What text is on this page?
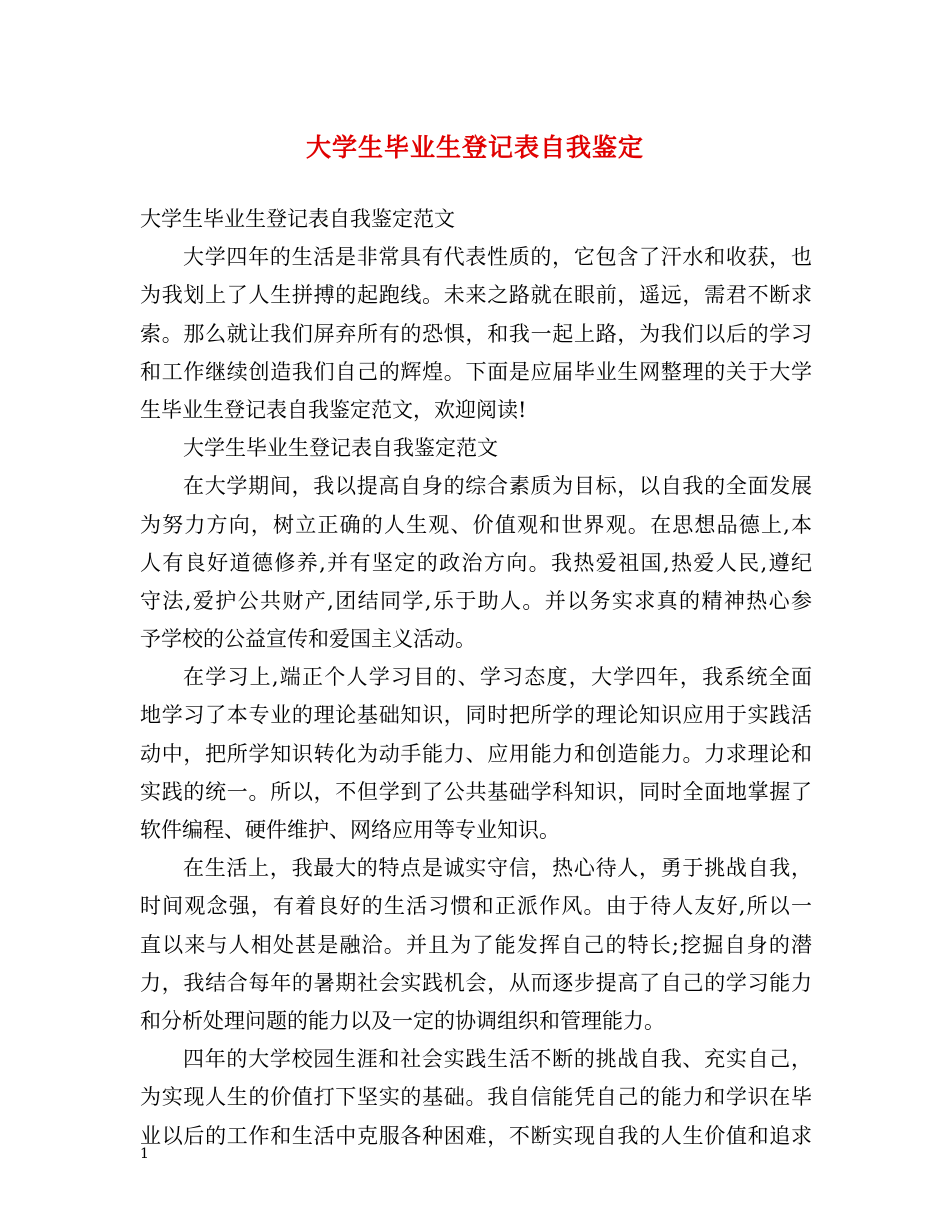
大学生毕业生登记表自我鉴定
大学生毕业生登记表自我鉴定范文
大学四年的生活是非常具有代表性质的，它包含了汗水和收获，也
为我划上了人生拼搏的起跑线。未来之路就在眼前，遥远，需君不断求
索。那么就让我们屏弃所有的恐惧，和我一起上路，为我们以后的学习
和工作继续创造我们自己的辉煌。下面是应届毕业生网整理的关于大学
生毕业生登记表自我鉴定范文，欢迎阅读!
大学生毕业生登记表自我鉴定范文
在大学期间，我以提高自身的综合素质为目标，以自我的全面发展
为努力方向，树立正确的人生观、价值观和世界观。在思想品德上,本
人有良好道德修养,并有坚定的政治方向。我热爱祖国,热爱人民,遵纪
守法,爱护公共财产,团结同学,乐于助人。并以务实求真的精神热心参
予学校的公益宣传和爱国主义活动。
在学习上,端正个人学习目的、学习态度，大学四年，我系统全面
地学习了本专业的理论基础知识，同时把所学的理论知识应用于实践活
动中，把所学知识转化为动手能力、应用能力和创造能力。力求理论和
实践的统一。所以，不但学到了公共基础学科知识，同时全面地掌握了
软件编程、硬件维护、网络应用等专业知识。
在生活上，我最大的特点是诚实守信，热心待人，勇于挑战自我，
时间观念强，有着良好的生活习惯和正派作风。由于待人友好,所以一
直以来与人相处甚是融洽。并且为了能发挥自己的特长;挖掘自身的潜
力，我结合每年的暑期社会实践机会，从而逐步提高了自己的学习能力
和分析处理问题的能力以及一定的协调组织和管理能力。
四年的大学校园生涯和社会实践生活不断的挑战自我、充实自己，
为实现人生的价值打下坚实的基础。我自信能凭自己的能力和学识在毕
业以后的工作和生活中克服各种困难，不断实现自我的人生价值和追求
1
